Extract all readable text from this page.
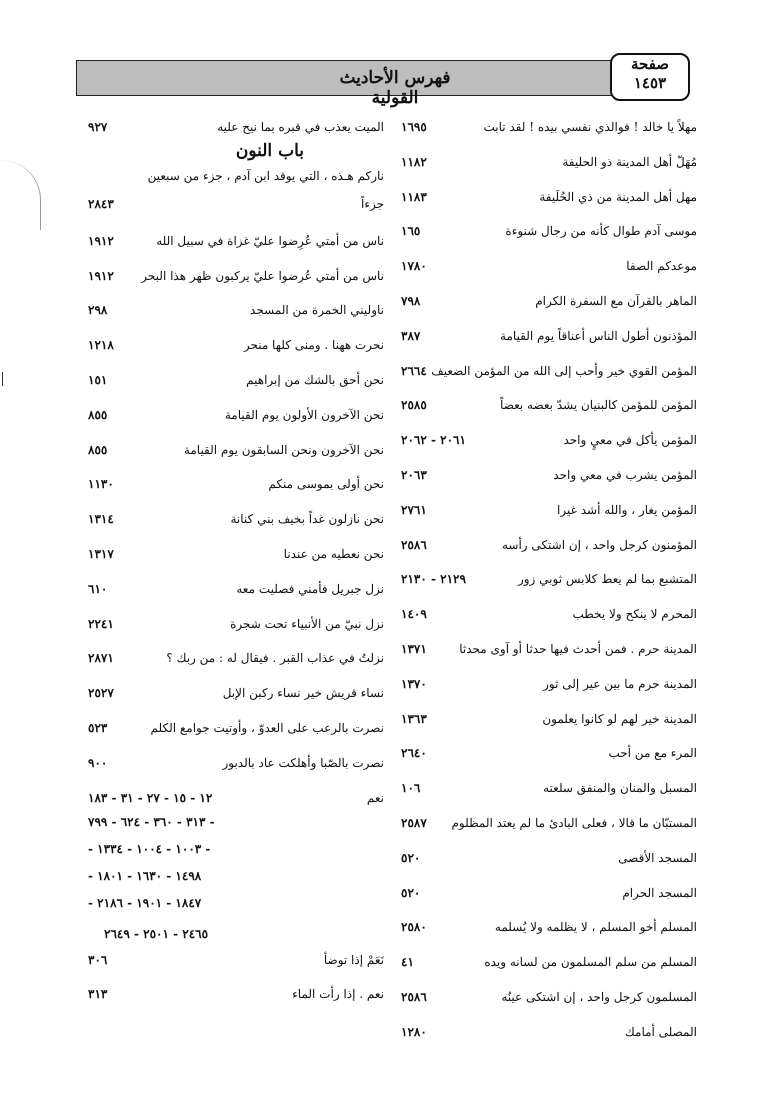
فهرس الأحاديث القولية
صفحة
١٤٥٣
مهلاً يا خالد ! فوالذي نفسي بيده ! لقد تابت
١٦٩٥
مُهَلّ أهل المدينة ذو الحليفة
١١٨٢
مهل أهل المدينة من ذي الحُلَيفة
١١٨٣
موسى آدم طوال كأنه من رجال شنوءة
١٦٥
موعدكم الصفا
١٧٨٠
الماهر بالقرآن مع السفرة الكرام
٧٩٨
المؤذنون أطول الناس أعناقاً يوم القيامة
٣٨٧
المؤمن القوي خير وأحب إلى الله من المؤمن الضعيف
٢٦٦٤
المؤمن للمؤمن كالبنيان يشدّ بعضه بعضاً
٢٥٨٥
المؤمن يأكل في معيٍ واحد
٢٠٦١ - ٢٠٦٢
المؤمن يشرب في معي واحد
٢٠٦٣
المؤمن يغار ، والله أشد غيرا
٢٧٦١
المؤمنون كرجل واحد ، إن اشتكى رأسه
٢٥٨٦
المتشبع بما لم يعط كلابس ثوبي زور
٢١٢٩ - ٢١٣٠
المحرم لا ينكح ولا يخطب
١٤٠٩
المدينة حرم . فمن أحدث فيها حدثا أو آوى محدثا
١٣٧١
المدينة حرم ما بين عير إلى ثور
١٣٧٠
المدينة خير لهم لو كانوا يعلمون
١٣٦٣
المرء مع من أحب
٢٦٤٠
المسبل والمنان والمنفق سلعته
١٠٦
المستبّان ما قالا ، فعلى البادئ ما لم يعتد المظلوم
٢٥٨٧
المسجد الأقصى
٥٢٠
المسجد الحرام
٥٢٠
المسلم أخو المسلم ، لا يظلمه ولا يُسلمه
٢٥٨٠
المسلم من سلم المسلمون من لسانه ويده
٤١
المسلمون كرجل واحد ، إن اشتكى عينُه
٢٥٨٦
المصلى أمامك
١٢٨٠
الميت يعذب في قبره بما نيح عليه
٩٢٧
باب النون
ناركم هـذه ، التي يوقد ابن آدم ، جزء من سبعين
جزءاً
٢٨٤٣
ناس من أمتي عُرِضوا عليّ غزاة في سبيل الله
١٩١٢
ناس من أمتي عُرضوا عليّ يركبون ظهر هذا البحر
١٩١٢
ناوليني الخمرة من المسجد
٢٩٨
نحرت ههنا . ومنى كلها منحر
١٢١٨
نحن أحق بالشك من إبراهيم
١٥١
نحن الآخرون الأولون يوم القيامة
٨٥٥
نحن الآخرون ونحن السابقون يوم القيامة
٨٥٥
نحن أولى بموسى منكم
١١٣٠
نحن نازلون غداً بخيف بني كنانة
١٣١٤
نحن نعطيه من عندنا
١٣١٧
نزل جبريل فأمني فصليت معه
٦١٠
نزل نبيّ من الأنبياء تحت شجرة
٢٢٤١
نزلتُ في عذاب القبر . فيقال له : من ربك ؟
٢٨٧١
نساء قريش خير نساء ركبن الإبل
٢٥٢٧
نصرت بالرعب على العدوّ ، وأوتيت جوامع الكلم
٥٢٣
نصرت بالصّبا وأهلكت عاد بالدبور
٩٠٠
نعم
١٢ - ١٥ - ٢٧ - ٣١ - ١٨٣
- ٣١٣ - ٣٦٠ - ٦٢٤ - ٧٩٩
- ١٠٠٣ - ١٠٠٤ - ١٣٣٤ -
١٤٩٨ - ١٦٣٠ - ١٨٠١ -
١٨٤٧ - ١٩٠١ - ٢١٨٦ -
٢٤٦٥ - ٢٥٠١ - ٢٦٤٩
نَعَمْ إذا توضأ
٣٠٦
نعم . إذا رأت الماء
٣١٣
